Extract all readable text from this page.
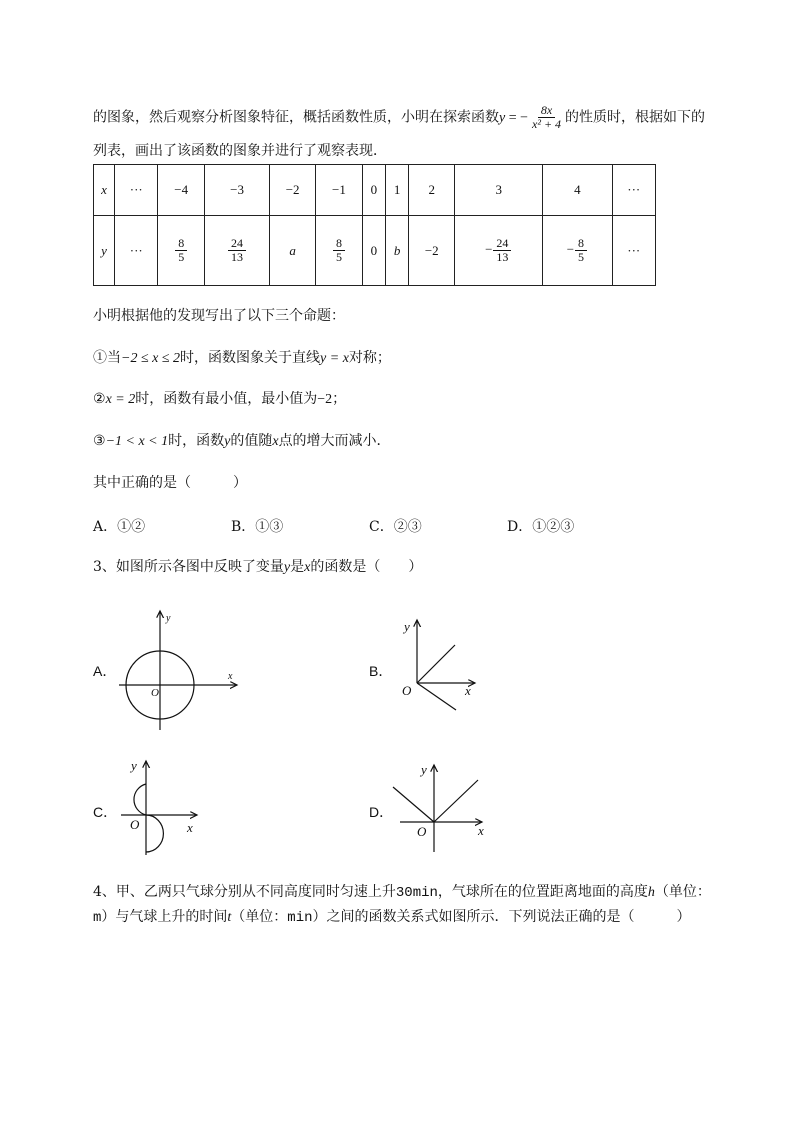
的图象，然后观察分析图象特征，概括函数性质，小明在探索函数y = − $\frac{8x}{\text{x² + 4}}$ 的性质时，根据如下的
列表，画出了该函数的图象并进行了观察表现．
x	···	−4	−3	−2	−1	0	1	2	3	4	···
y	···	$\frac{8}{5}$	$\frac{24}{13}$	a	$\frac{8}{5}$	0	b	−2	− $\frac{24}{13}$	− $\frac{8}{5}$	···
小明根据他的发现写出了以下三个命题：
①当−2 ≤ x ≤ 2时，函数图象关于直线y = x对称；
②x = 2时，函数有最小值，最小值为−2；
③−1 < x < 1时，函数y的值随x点的增大而减小．
其中正确的是（　　　）
A．①②	B．①③	C．②③	D．①②③
3、如图所示各图中反映了变量y是x的函数是（　　）
A．	B．
C．	D．
x
y
O	x
y
O
x
y
O	x
y
O
4、甲、乙两只气球分别从不同高度同时匀速上升30min，气球所在的位置距离地面的高度h（单位：
m）与气球上升的时间t（单位：min）之间的函数关系式如图所示．下列说法正确的是（　　　）
